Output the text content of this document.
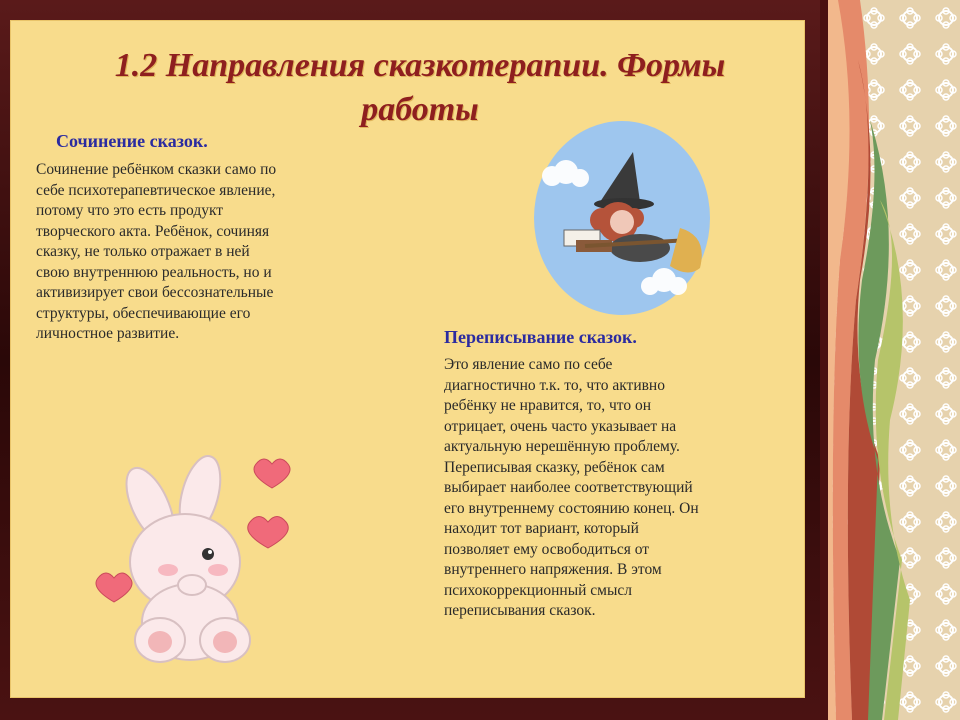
1.2 Направления сказкотерапии. Формы
работы
Сочинение сказок.
Сочинение ребёнком сказки само по
себе психотерапевтическое явление,
потому что это есть продукт
творческого акта. Ребёнок, сочиняя
сказку, не только отражает в ней
свою внутреннюю реальность, но и
активизирует свои бессознательные
структуры, обеспечивающие его
личностное развитие.	Переписывание сказок.
Это явление само по себе
диагностично т.к. то, что активно
ребёнку не нравится, то, что он
отрицает, очень часто указывает на
актуальную нерешённую проблему.
Переписывая сказку, ребёнок сам
выбирает наиболее соответствующий
его внутреннему состоянию конец. Он
находит тот вариант, который
позволяет ему освободиться от
внутреннего напряжения. В этом
психокоррекционный смысл
переписывания сказок.
